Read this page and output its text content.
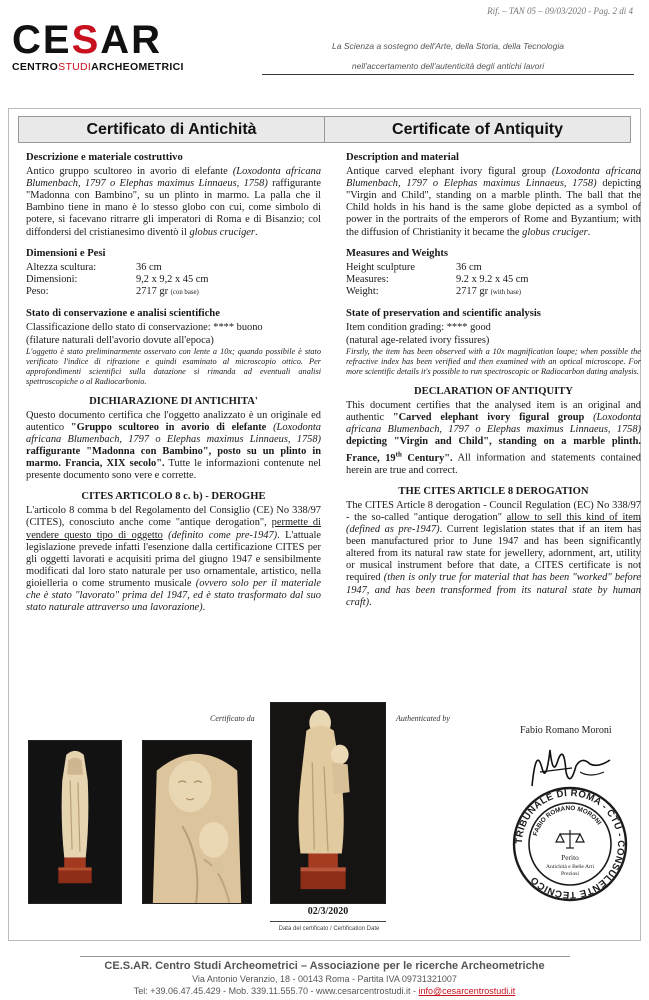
Rif. – TAN 05 – 09/03/2020 - Pag. 2 di 4
CESAR
CENTROSTUDIARCHEOMETRICI
La Scienza a sostegno dell'Arte, della Storia, della Tecnologia
nell'accertamento dell'autenticità degli antichi lavori
Certificato di Antichità	Certificate of Antiquity
Descrizione e materiale costruttivo
Antico gruppo scultoreo in avorio di elefante (Loxodonta africana Blumenbach, 1797 o Elephas maximus Linnaeus, 1758) raffigurante "Madonna con Bambino", su un plinto in marmo. La palla che il Bambino tiene in mano è lo stesso globo con cui, come simbolo di potere, si facevano ritrarre gli imperatori di Roma e di Bisanzio; col diffondersi del cristianesimo diventò il globus cruciger.
Dimensioni e Pesi
Altezza scultura:	36 cm
Dimensioni:	9,2 x 9,2 x 45 cm
Peso:	2717 gr (con base)
Stato di conservazione e analisi scientifiche
Classificazione dello stato di conservazione: **** buono
(filature naturali dell'avorio dovute all'epoca)
L'oggetto è stato preliminarmente osservato con lente a 10x; quando possibile è stato verificato l'indice di rifrazione e quindi esaminato al microscopio ottico. Per approfondimenti scientifici sulla datazione si rimanda ad eventuali analisi spettroscopiche o al Radiocarbonio.
DICHIARAZIONE DI ANTICHITA'
Questo documento certifica che l'oggetto analizzato è un originale ed autentico "Gruppo scultoreo in avorio di elefante (Loxodonta africana Blumenbach, 1797 o Elephas maximus Linnaeus, 1758) raffigurante "Madonna con Bambino", posto su un plinto in marmo. Francia, XIX secolo". Tutte le informazioni contenute nel presente documento sono vere e corrette.
CITES ARTICOLO 8 c. b) - DEROGHE
L'articolo 8 comma b del Regolamento del Consiglio (CE) No 338/97 (CITES), conosciuto anche come "antique derogation", permette di vendere questo tipo di oggetto (definito come pre-1947). L'attuale legislazione prevede infatti l'esenzione dalla certificazione CITES per gli oggetti lavorati e acquisiti prima del giugno 1947 e sensibilmente modificati dal loro stato naturale per uso ornamentale, artistico, nella gioielleria o come strumento musicale (ovvero solo per il materiale che è stato "lavorato" prima del 1947, ed è stato trasformato dal suo stato naturale attraverso una lavorazione).
Description and material
Antique carved elephant ivory figural group (Loxodonta africana Blumenbach, 1797 o Elephas maximus Linnaeus, 1758) depicting "Virgin and Child", standing on a marble plinth. The ball that the Child holds in his hand is the same globe depicted as a symbol of power in the portraits of the emperors of Rome and Byzantium; with the diffusion of Christianity it became the globus cruciger.
Measures and Weights
Height sculpture	36 cm
Measures:	9.2 x 9.2 x 45 cm
Weight:	2717 gr (with base)
State of preservation and scientific analysis
Item condition grading: **** good
(natural age-related ivory fissures)
Firstly, the item has been observed with a 10x magnification loupe; when possible the refractive index has been verified and then examined with an optical microscope. For more scientific details it's possible to run spectroscopic or Radiocarbon dating analysis.
DECLARATION OF ANTIQUITY
This document certifies that the analysed item is an original and authentic "Carved elephant ivory figural group (Loxodonta africana Blumenbach, 1797 o Elephas maximus Linnaeus, 1758) depicting "Virgin and Child", standing on a marble plinth. France, 19th Century". All information and statements contained herein are true and correct.
THE CITES ARTICLE 8 DEROGATION
The CITES Article 8 derogation - Council Regulation (EC) No 338/97 - the so-called "antique derogation" allow to sell this kind of item (defined as pre-1947). Current legislation states that if an item has been manufactured prior to June 1947 and has been significantly altered from its natural raw state for jewellery, adornment, art, utility or musical instrument before that date, a CITES certificate is not required (then is only true for material that has been "worked" before 1947, and has been transformed from its natural state by human craft).
Certificato da	Authenticated by
02/3/2020
Data del certificato / Certification Date
Fabio Romano Moroni
TRIBUNALE DI ROMA - CTU - CONSULENTE TECNICO
FABIO ROMANO MORONI
Perito
Antichità e Belle Arti
Preziosi
CE.S.AR. Centro Studi Archeometrici – Associazione per le ricerche Archeometriche
Via Antonio Veranzio, 18 - 00143 Roma - Partita IVA 09731321007
Tel: +39.06.47.45.429 - Mob. 339.11.555.70 - www.cesarcentrostudi.it - info@cesarcentrostudi.it
